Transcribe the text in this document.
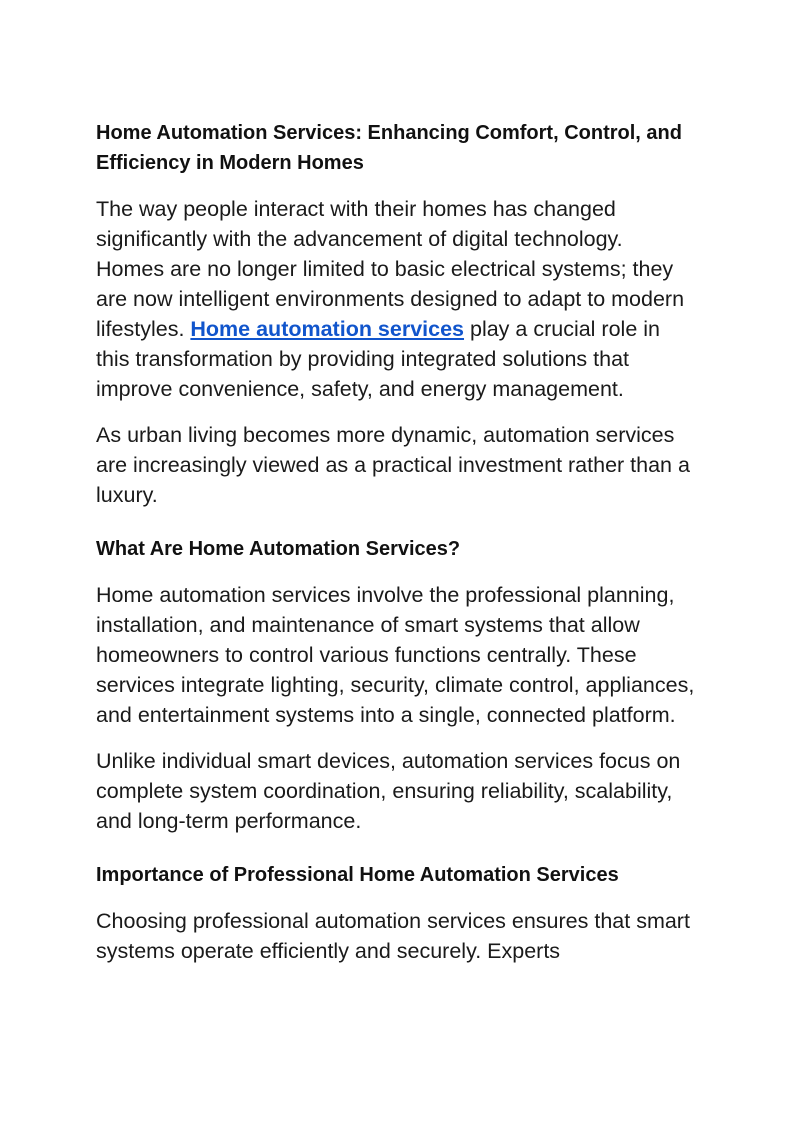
Home Automation Services: Enhancing Comfort, Control, and Efficiency in Modern Homes

The way people interact with their homes has changed significantly with the advancement of digital technology. Homes are no longer limited to basic electrical systems; they are now intelligent environments designed to adapt to modern lifestyles. Home automation services play a crucial role in this transformation by providing integrated solutions that improve convenience, safety, and energy management.

As urban living becomes more dynamic, automation services are increasingly viewed as a practical investment rather than a luxury.

What Are Home Automation Services?

Home automation services involve the professional planning, installation, and maintenance of smart systems that allow homeowners to control various functions centrally. These services integrate lighting, security, climate control, appliances, and entertainment systems into a single, connected platform.

Unlike individual smart devices, automation services focus on complete system coordination, ensuring reliability, scalability, and long-term performance.

Importance of Professional Home Automation Services

Choosing professional automation services ensures that smart systems operate efficiently and securely. Experts
